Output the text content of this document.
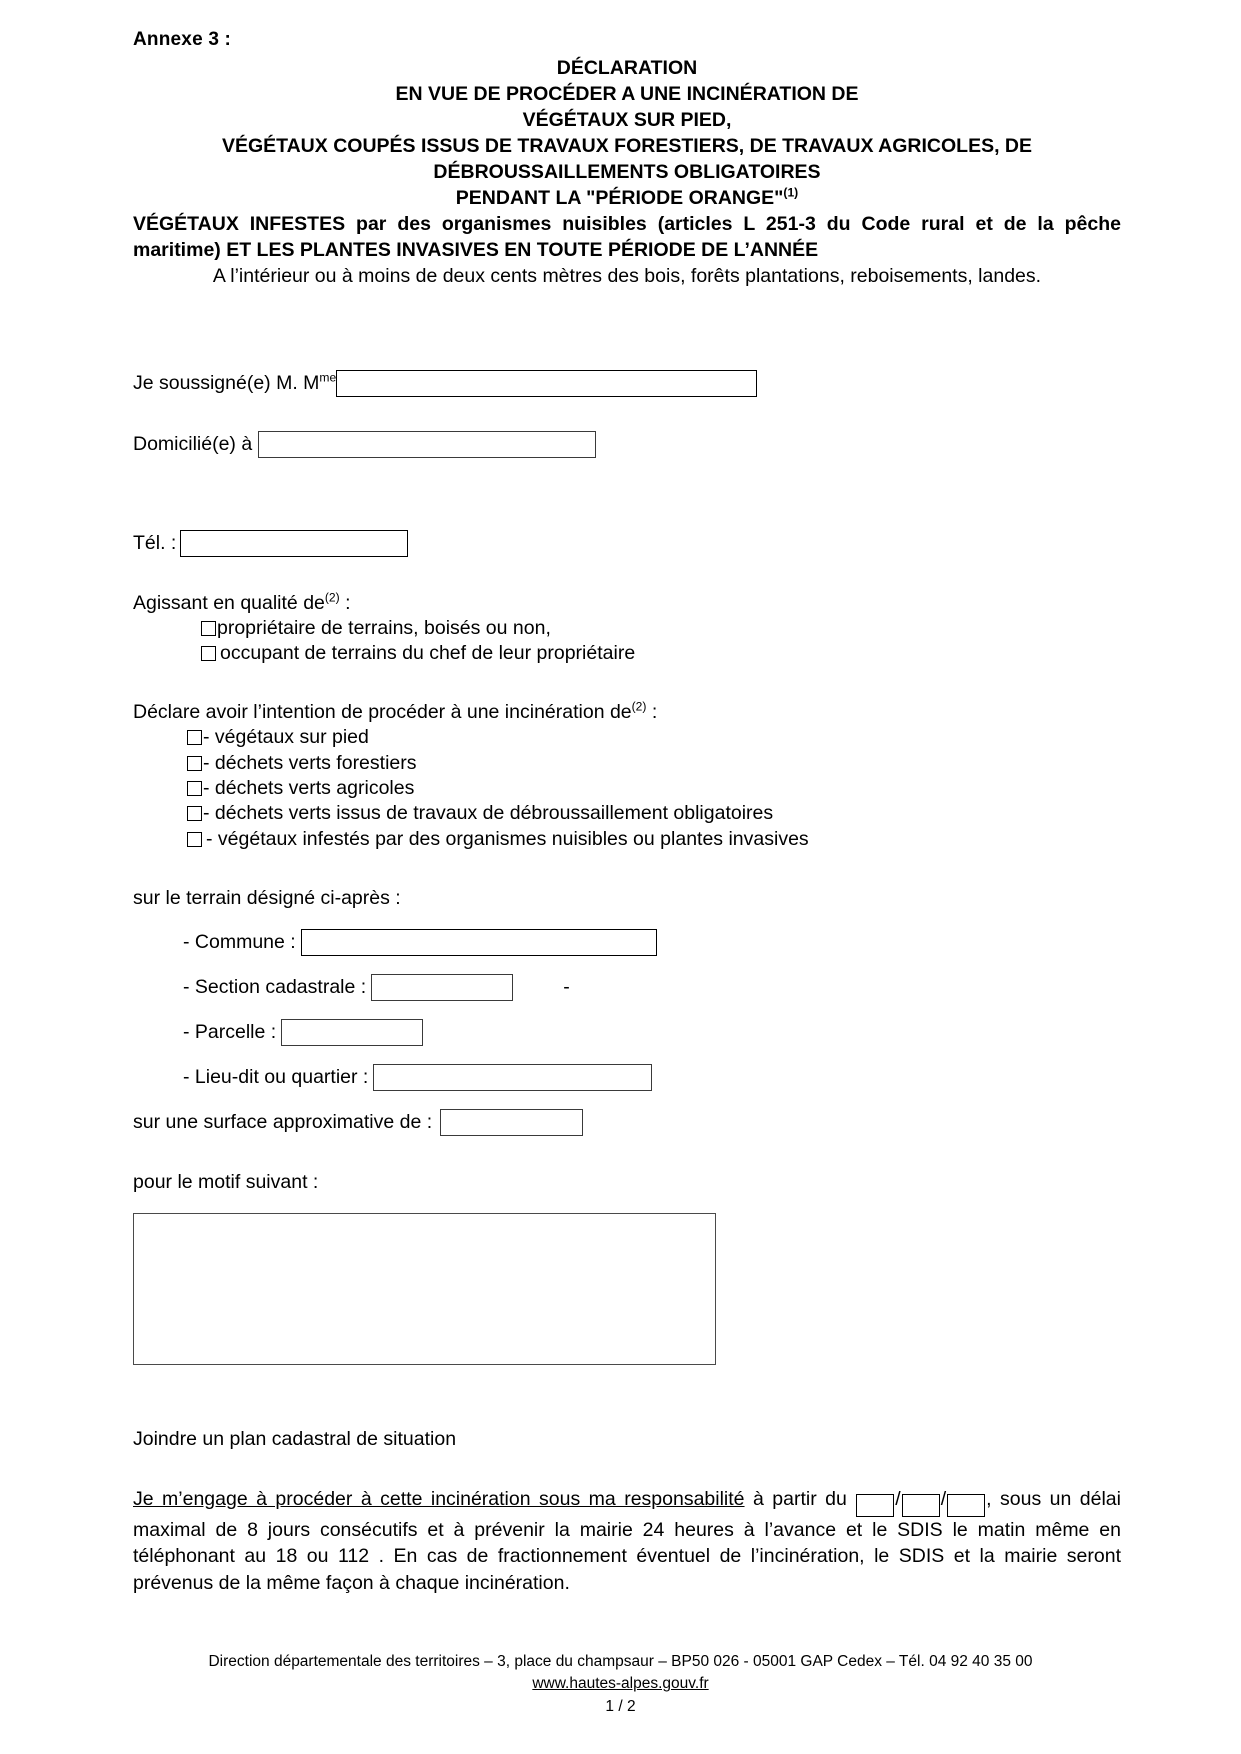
Annexe 3 :
DÉCLARATION
EN VUE DE PROCÉDER A UNE INCINÉRATION DE
VÉGÉTAUX SUR PIED,
VÉGÉTAUX COUPÉS ISSUS DE TRAVAUX FORESTIERS, DE TRAVAUX AGRICOLES, DE
DÉBROUSSAILLEMENTS OBLIGATOIRES
PENDANT LA "PÉRIODE ORANGE"$^{(1)}$
VÉGÉTAUX INFESTES par des organismes nuisibles (articles L 251-3 du Code rural et de la pêche maritime) ET LES PLANTES INVASIVES EN TOUTE PÉRIODE DE L’ANNÉE
A l’intérieur ou à moins de deux cents mètres des bois, forêts plantations, reboisements, landes.
Je soussigné(e) M. $M^{me}$
Domicilié(e) à
Tél. :
Agissant en qualité $de^{(2)}$ :
propriétaire de terrains, boisés ou non,
occupant de terrains du chef de leur propriétaire
Déclare avoir l’intention de procéder à une incinération $de^{(2)}$ :
- végétaux sur pied
- déchets verts forestiers
- déchets verts agricoles
- déchets verts issus de travaux de débroussaillement obligatoires
- végétaux infestés par des organismes nuisibles ou plantes invasives
sur le terrain désigné ci-après :
- Commune :
- Section cadastrale :	-
- Parcelle :
- Lieu-dit ou quartier :
sur une surface approximative de :
pour le motif suivant :
Joindre un plan cadastral de situation
Je m’engage à procéder à cette incinération sous ma responsabilité à partir du / / , sous un délai maximal de 8 jours consécutifs et à prévenir la mairie 24 heures à l’avance et le SDIS le matin même en téléphonant au 18 ou 112 . En cas de fractionnement éventuel de l’incinération, le SDIS et la mairie seront prévenus de la même façon à chaque incinération.
Direction départementale des territoires – 3, place du champsaur – BP50 026 - 05001 GAP Cedex – Tél. 04 92 40 35 00
www.hautes-alpes.gouv.fr
1 / 2
